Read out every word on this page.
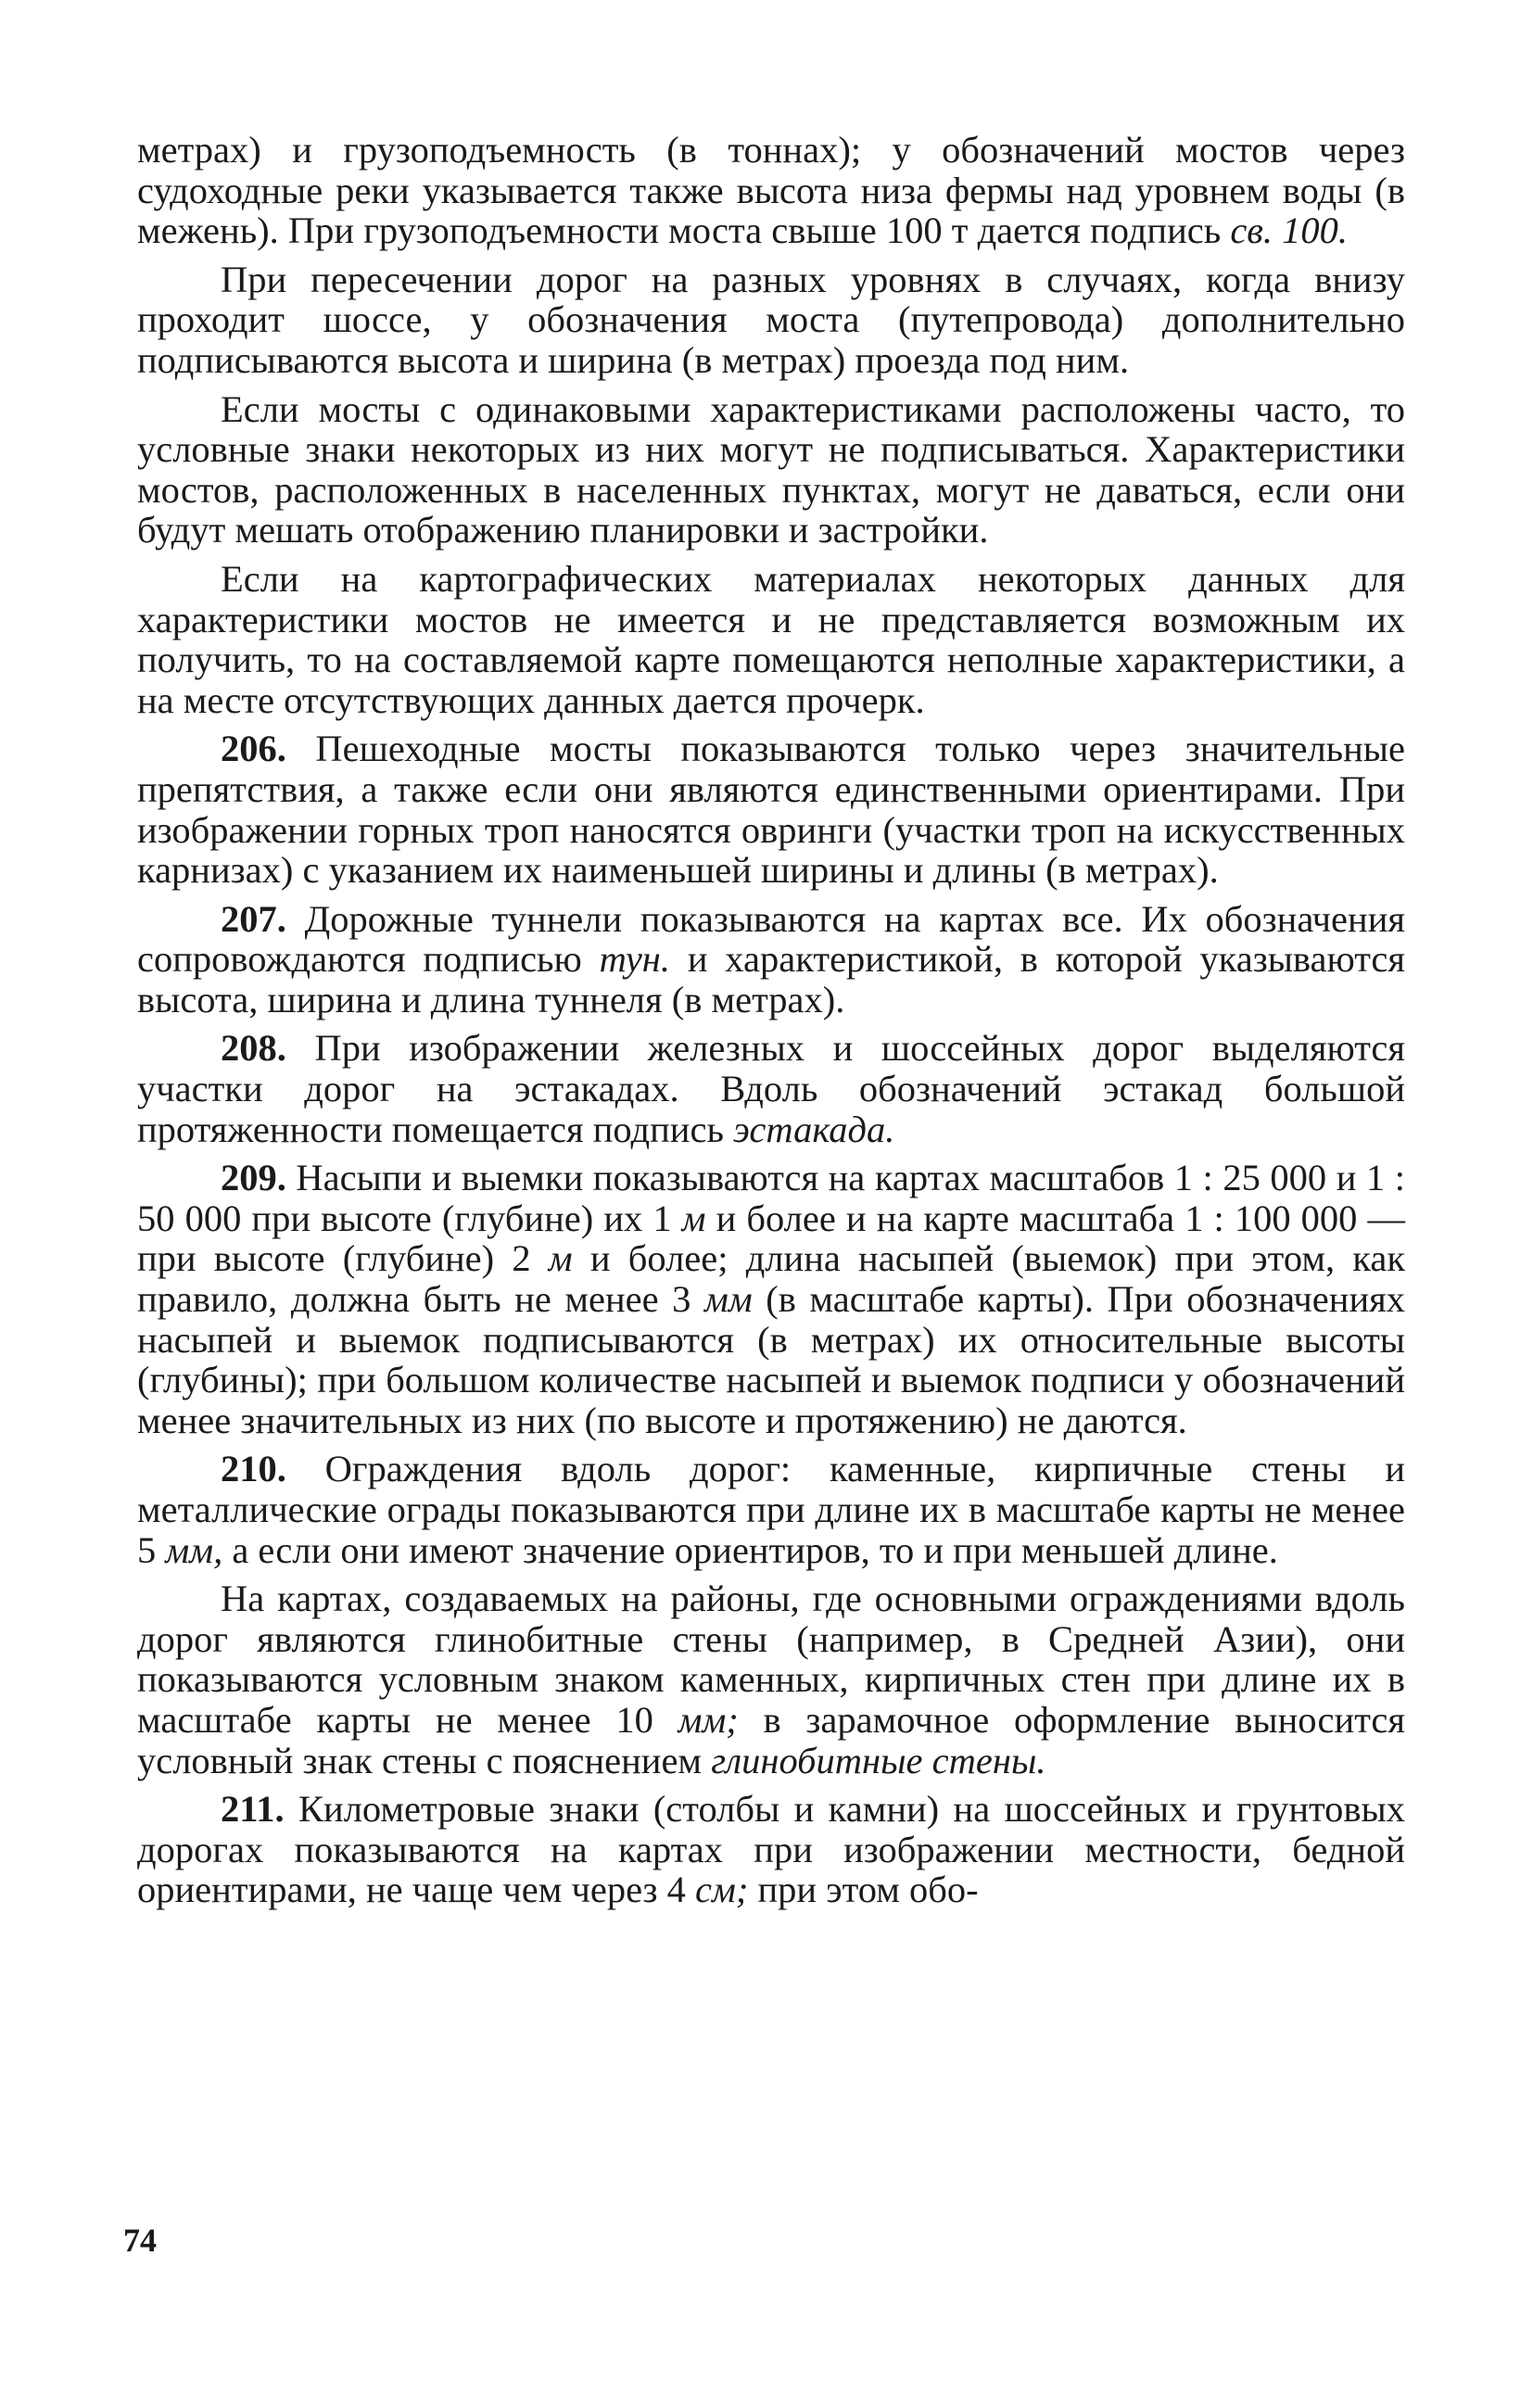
метрах) и грузоподъемность (в тоннах); у обозначений мостов через судоходные реки указывается также высота низа фермы над уровнем воды (в межень). При грузоподъемности моста свыше 100 т дается подпись св. 100.

При пересечении дорог на разных уровнях в случаях, когда внизу проходит шоссе, у обозначения моста (путепровода) дополнительно подписываются высота и ширина (в метрах) проезда под ним.

Если мосты с одинаковыми характеристиками расположены часто, то условные знаки некоторых из них могут не подписываться. Характеристики мостов, расположенных в населенных пунктах, могут не даваться, если они будут мешать отображению планировки и застройки.

Если на картографических материалах некоторых данных для характеристики мостов не имеется и не представляется возможным их получить, то на составляемой карте помещаются неполные характеристики, а на месте отсутствующих данных дается прочерк.

206. Пешеходные мосты показываются только через значительные препятствия, а также если они являются единственными ориентирами. При изображении горных троп наносятся овринги (участки троп на искусственных карнизах) с указанием их наименьшей ширины и длины (в метрах).

207. Дорожные туннели показываются на картах все. Их обозначения сопровождаются подписью тун. и характеристикой, в которой указываются высота, ширина и длина туннеля (в метрах).

208. При изображении железных и шоссейных дорог выделяются участки дорог на эстакадах. Вдоль обозначений эстакад большой протяженности помещается подпись эстакада.

209. Насыпи и выемки показываются на картах масштабов 1 : 25 000 и 1 : 50 000 при высоте (глубине) их 1 м и более и на карте масштаба 1 : 100 000 — при высоте (глубине) 2 м и более; длина насыпей (выемок) при этом, как правило, должна быть не менее 3 мм (в масштабе карты). При обозначениях насыпей и выемок подписываются (в метрах) их относительные высоты (глубины); при большом количестве насыпей и выемок подписи у обозначений менее значительных из них (по высоте и протяжению) не даются.

210. Ограждения вдоль дорог: каменные, кирпичные стены и металлические ограды показываются при длине их в масштабе карты не менее 5 мм, а если они имеют значение ориентиров, то и при меньшей длине.

На картах, создаваемых на районы, где основными ограждениями вдоль дорог являются глинобитные стены (например, в Средней Азии), они показываются условным знаком каменных, кирпичных стен при длине их в масштабе карты не менее 10 мм; в зарамочное оформление выносится условный знак стены с пояснением глинобитные стены.

211. Километровые знаки (столбы и камни) на шоссейных и грунтовых дорогах показываются на картах при изображении местности, бедной ориентирами, не чаще чем через 4 см; при этом обо-

74
